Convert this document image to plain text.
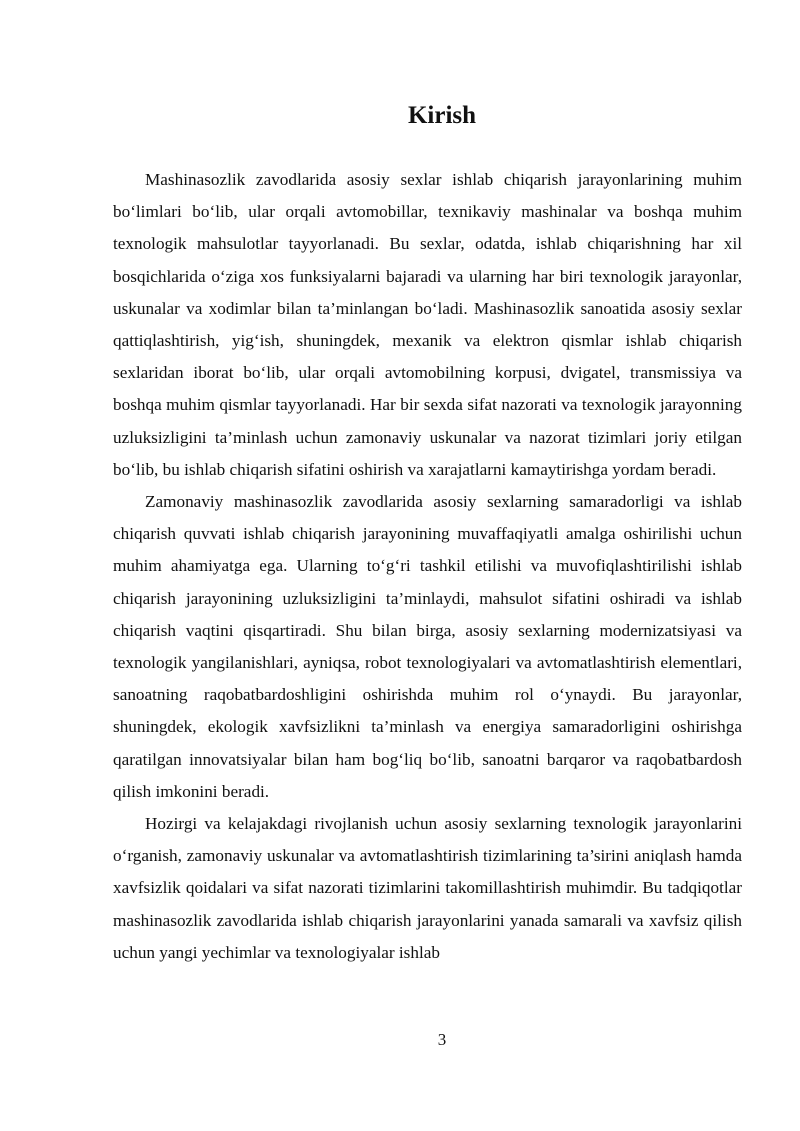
Kirish

Mashinasozlik zavodlarida asosiy sexlar ishlab chiqarish jarayonlarining muhim bo‘limlari bo‘lib, ular orqali avtomobillar, texnikaviy mashinalar va boshqa muhim texnologik mahsulotlar tayyorlanadi. Bu sexlar, odatda, ishlab chiqarishning har xil bosqichlarida o‘ziga xos funksiyalarni bajaradi va ularning har biri texnologik jarayonlar, uskunalar va xodimlar bilan ta’minlangan bo‘ladi. Mashinasozlik sanoatida asosiy sexlar qattiqlashtirish, yig‘ish, shuningdek, mexanik va elektron qismlar ishlab chiqarish sexlaridan iborat bo‘lib, ular orqali avtomobilning korpusi, dvigatel, transmissiya va boshqa muhim qismlar tayyorlanadi. Har bir sexda sifat nazorati va texnologik jarayonning uzluksizligini ta’minlash uchun zamonaviy uskunalar va nazorat tizimlari joriy etilgan bo‘lib, bu ishlab chiqarish sifatini oshirish va xarajatlarni kamaytirishga yordam beradi.

Zamonaviy mashinasozlik zavodlarida asosiy sexlarning samaradorligi va ishlab chiqarish quvvati ishlab chiqarish jarayonining muvaffaqiyatli amalga oshirilishi uchun muhim ahamiyatga ega. Ularning to‘g‘ri tashkil etilishi va muvofiqlashtirilishi ishlab chiqarish jarayonining uzluksizligini ta’minlaydi, mahsulot sifatini oshiradi va ishlab chiqarish vaqtini qisqartiradi. Shu bilan birga, asosiy sexlarning modernizatsiyasi va texnologik yangilanishlari, ayniqsa, robot texnologiyalari va avtomatlashtirish elementlari, sanoatning raqobatbardoshligini oshirishda muhim rol o‘ynaydi. Bu jarayonlar, shuningdek, ekologik xavfsizlikni ta’minlash va energiya samaradorligini oshirishga qaratilgan innovatsiyalar bilan ham bog‘liq bo‘lib, sanoatni barqaror va raqobatbardosh qilish imkonini beradi.

Hozirgi va kelajakdagi rivojlanish uchun asosiy sexlarning texnologik jarayonlarini o‘rganish, zamonaviy uskunalar va avtomatlashtirish tizimlarining ta’sirini aniqlash hamda xavfsizlik qoidalari va sifat nazorati tizimlarini takomillashtirish muhimdir. Bu tadqiqotlar mashinasozlik zavodlarida ishlab chiqarish jarayonlarini yanada samarali va xavfsiz qilish uchun yangi yechimlar va texnologiyalar ishlab

3
